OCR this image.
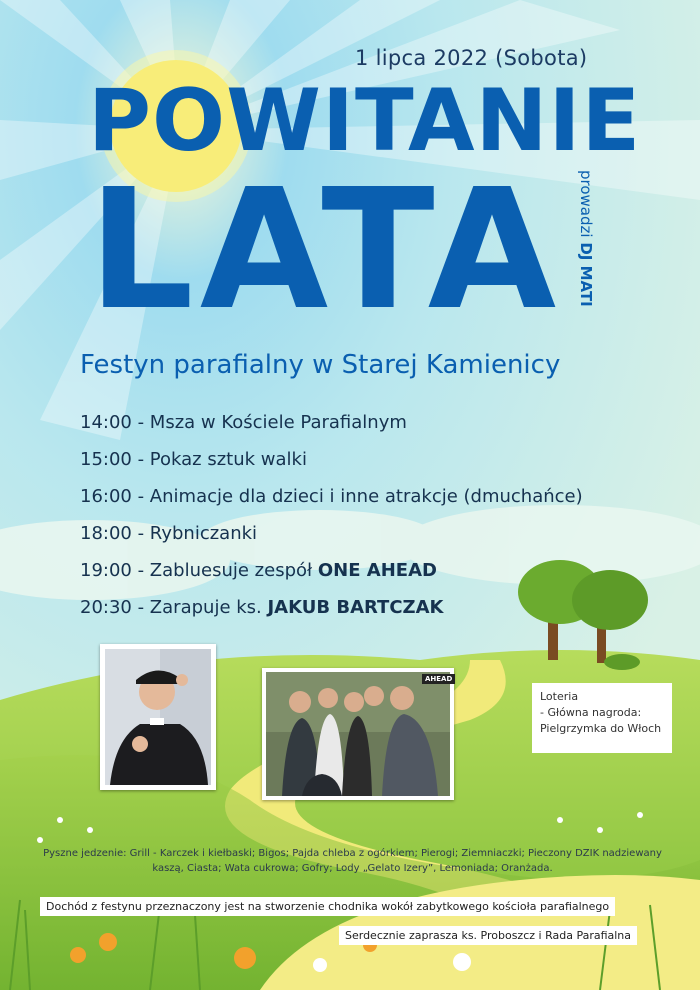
1 lipca 2022 (Sobota)
POWITANIE
LATA prowadzi DJ MATI
Festyn parafialny w Starej Kamienicy
14:00 - Msza w Kościele Parafialnym
15:00 - Pokaz sztuk walki
16:00 - Animacje dla dzieci i inne atrakcje (dmuchańce)
18:00 - Rybniczanki
19:00 - Zabluesuje zespół ONE AHEAD
20:30 - Zarapuje ks. JAKUB BARTCZAK
AHEAD
Loteria
- Główna nagroda:
Pielgrzymka do Włoch
Pyszne jedzenie: Grill - Karczek i kiełbaski; Bigos; Pajda chleba z ogórkiem; Pierogi; Ziemniaczki; Pieczony DZIK nadziewany kaszą, Ciasta; Wata cukrowa; Gofry; Lody „Gelato Izery”, Lemoniada; Oranżada.
Dochód z festynu przeznaczony jest na stworzenie chodnika wokół zabytkowego kościoła parafialnego
Serdecznie zaprasza ks. Proboszcz i Rada Parafialna
